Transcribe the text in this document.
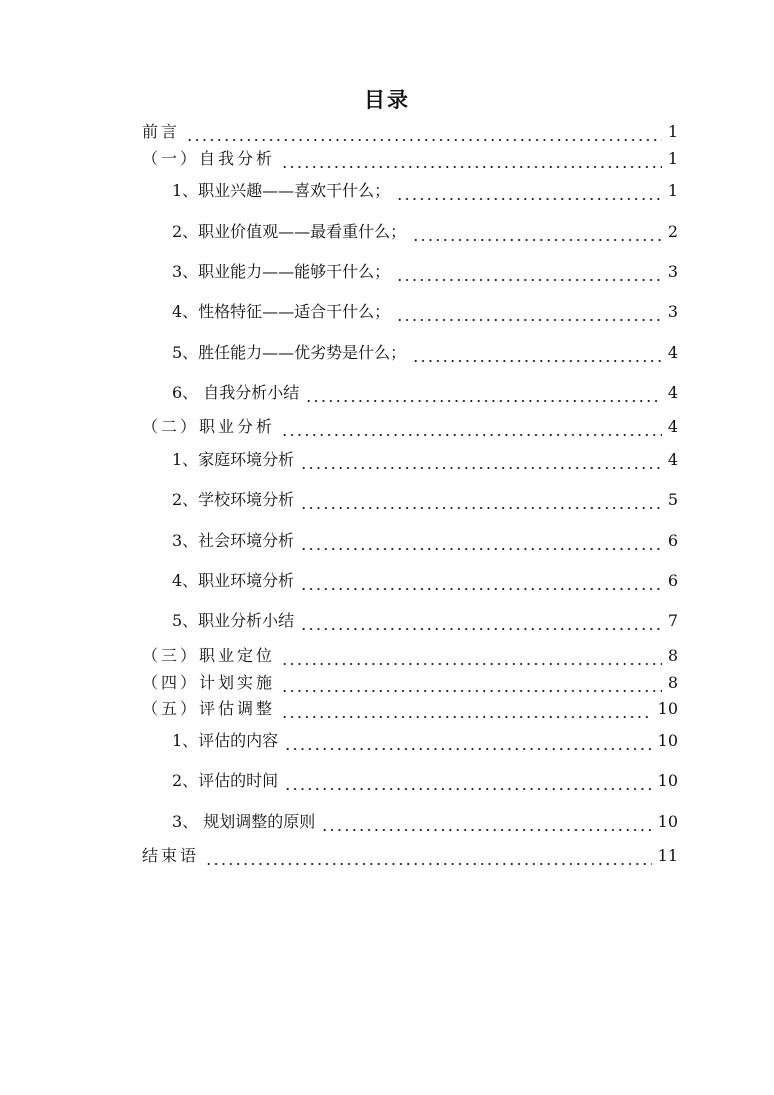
目录
前言	1
（一）自我分析	1
1、职业兴趣——喜欢干什么；	1
2、职业价值观——最看重什么；	2
3、职业能力——能够干什么；	3
4、性格特征——适合干什么；	3
5、胜任能力——优劣势是什么；	4
6、 自我分析小结	4
（二）职业分析	4
1、家庭环境分析	4
2、学校环境分析	5
3、社会环境分析	6
4、职业环境分析	6
5、职业分析小结	7
（三）职业定位	8
（四）计划实施	8
（五）评估调整	10
1、评估的内容	10
2、评估的时间	10
3、 规划调整的原则	10
结束语	11
